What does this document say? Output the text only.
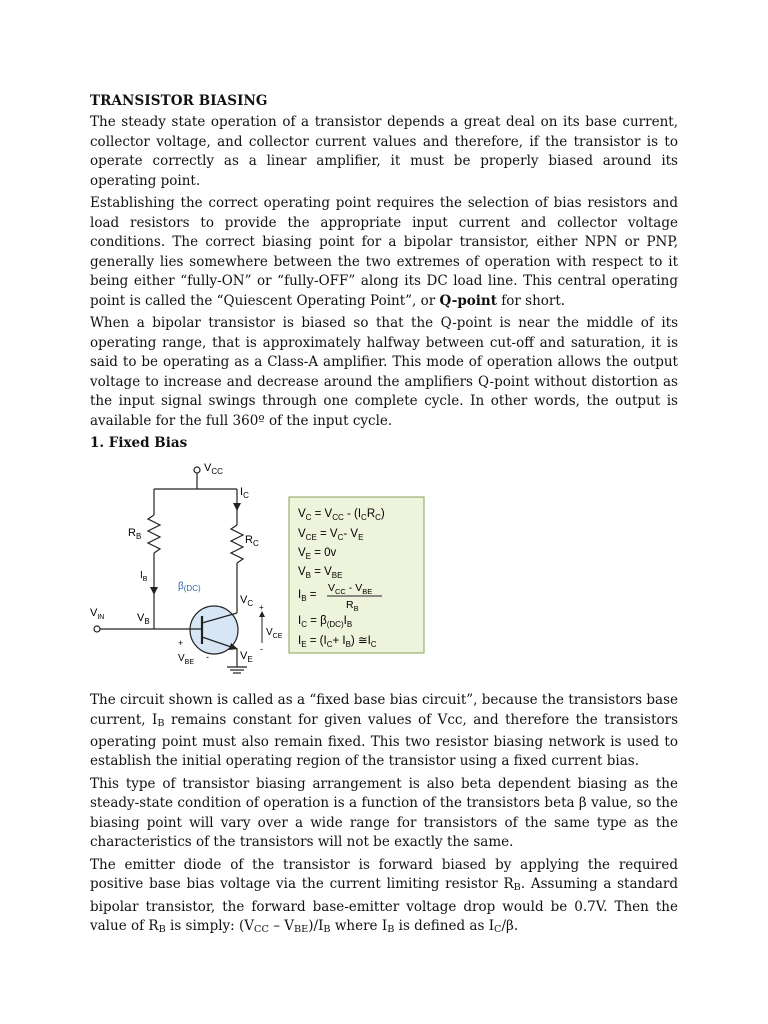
TRANSISTOR BIASING

The steady state operation of a transistor depends a great deal on its base current, collector voltage, and collector current values and therefore, if the transistor is to operate correctly as a linear amplifier, it must be properly biased around its operating point.

Establishing the correct operating point requires the selection of bias resistors and load resistors to provide the appropriate input current and collector voltage conditions. The correct biasing point for a bipolar transistor, either NPN or PNP, generally lies somewhere between the two extremes of operation with respect to it being either “fully-ON” or “fully-OFF” along its DC load line. This central operating point is called the “Quiescent Operating Point”, or Q-point for short.

When a bipolar transistor is biased so that the Q-point is near the middle of its operating range, that is approximately halfway between cut-off and saturation, it is said to be operating as a Class-A amplifier. This mode of operation allows the output voltage to increase and decrease around the amplifiers Q-point without distortion as the input signal swings through one complete cycle. In other words, the output is available for the full 360º of the input cycle.

1. Fixed Bias
$V_{CC}$
$R_B$
$I_B$
$I_C$
$R_C$
$V_C$
$\beta_{(DC)}$
$V_{IN}$	$V_B$
$V_E$
+
-
$V_{CE}$
+
-
$V_{BE}$
$V_C = V_{CC} - (I_CR_C)$
$V_{CE} = V_C-$ $V_E$
$V_E = 0v$
$V_B = V_{BE}$
$I_B$ =
$V_{CC} - V_{BE}$
$R_B$
$I_C = \beta_{(DC)}I_B$
$I_E = (I_C+ I_B)$ $≅I_C$

The circuit shown is called as a “fixed base bias circuit”, because the transistors base current, IB remains constant for given values of Vcc, and therefore the transistors operating point must also remain fixed. This two resistor biasing network is used to establish the initial operating region of the transistor using a fixed current bias.

This type of transistor biasing arrangement is also beta dependent biasing as the steady-state condition of operation is a function of the transistors beta β value, so the biasing point will vary over a wide range for transistors of the same type as the characteristics of the transistors will not be exactly the same.

The emitter diode of the transistor is forward biased by applying the required positive base bias voltage via the current limiting resistor RB. Assuming a standard bipolar transistor, the forward base-emitter voltage drop would be 0.7V. Then the value of RB is simply: (VCC – VBE)/IB where IB is defined as IC/β.
